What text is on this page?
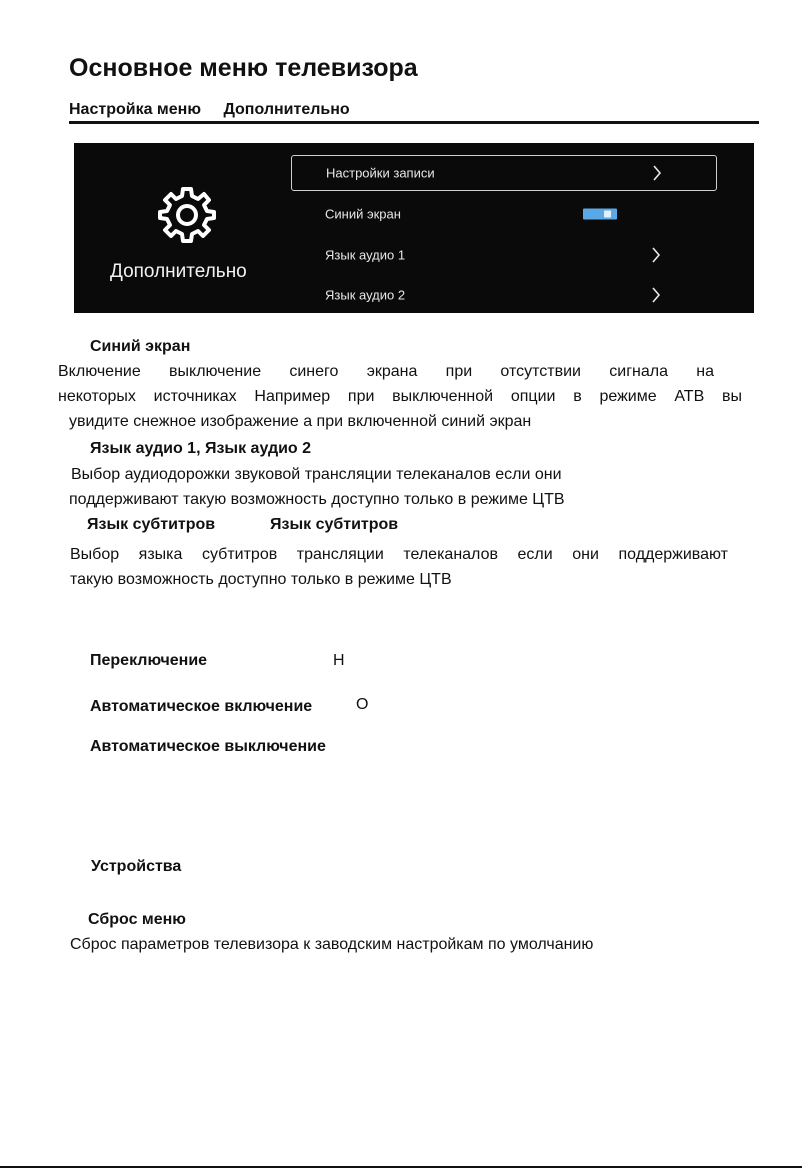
Основное меню телевизора
Настройка меню Дополнительно
Дополнительно
Настройки записи
Синий экран
Язык аудио 1
Язык аудио 2
Синий экран
Включение выключение синего экрана при отсутствии сигнала на
некоторых источниках Например при выключенной опции в режиме АТВ вы
увидите снежное изображение а при включенной синий экран
Язык аудио 1, Язык аудио 2
Выбор аудиодорожки звуковой трансляции телеканалов если они
поддерживают такую возможность доступно только в режиме ЦТВ
Язык субтитров	Язык субтитров
Выбор языка субтитров трансляции телеканалов если они поддерживают
такую возможность доступно только в режиме ЦТВ
Переключение	Н
Автоматическое включение	О
Автоматическое выключение
Устройства
Сброс меню
Сброс параметров телевизора к заводским настройкам по умолчанию
